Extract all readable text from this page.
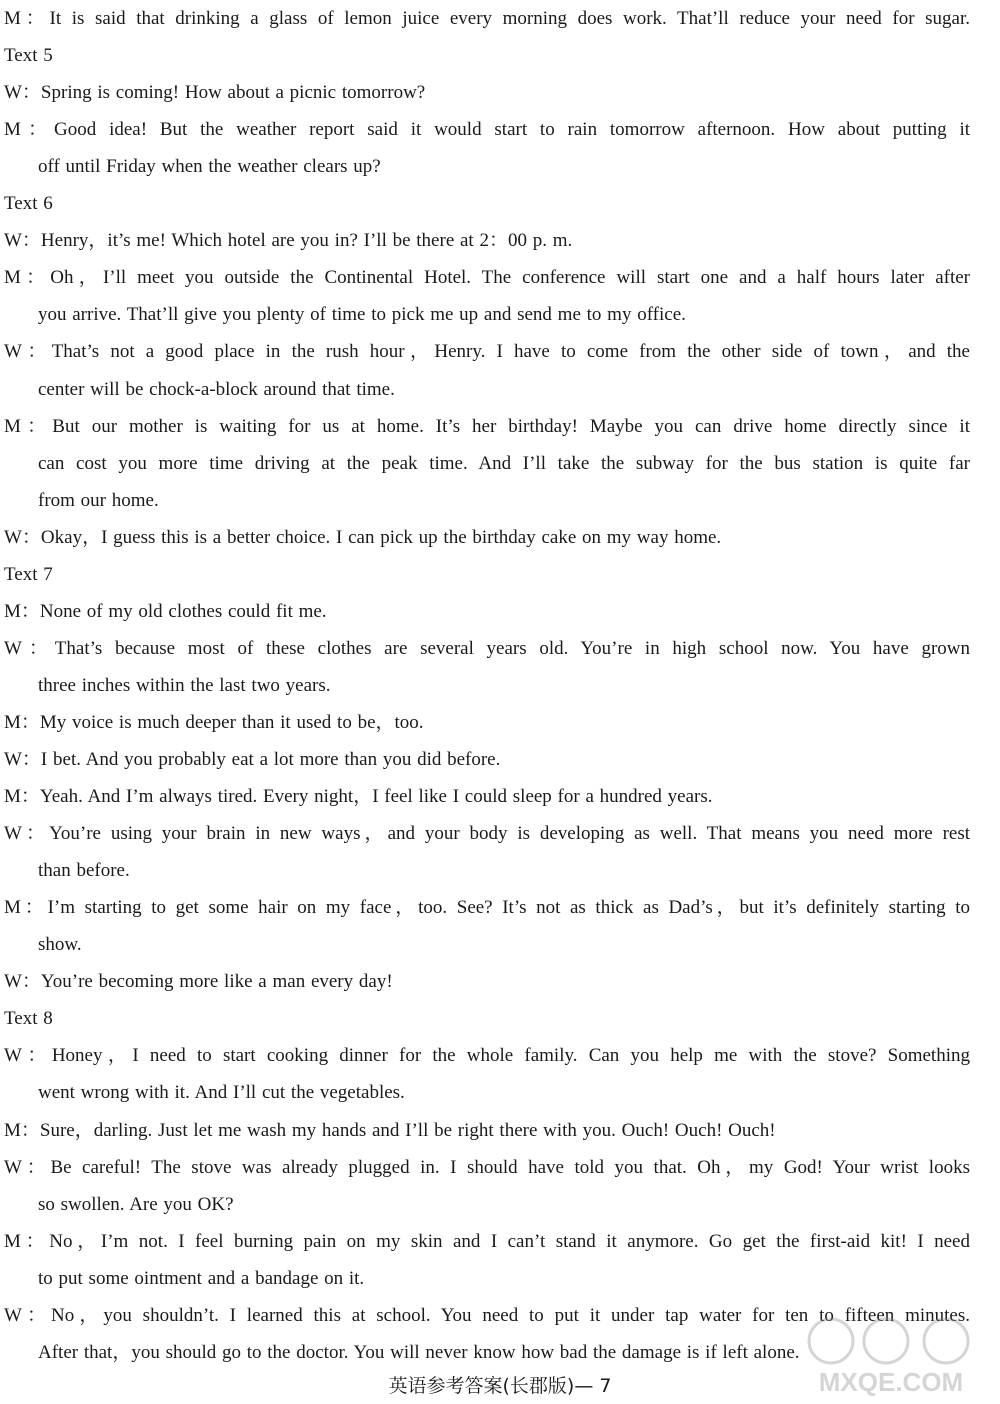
M：It is said that drinking a glass of lemon juice every morning does work. That’ll reduce your need for sugar.
Text 5
W：Spring is coming! How about a picnic tomorrow?
M：Good idea! But the weather report said it would start to rain tomorrow afternoon. How about putting it
off until Friday when the weather clears up?
Text 6
W：Henry，it’s me! Which hotel are you in? I’ll be there at 2：00 p. m.
M：Oh，I’ll meet you outside the Continental Hotel. The conference will start one and a half hours later after
you arrive. That’ll give you plenty of time to pick me up and send me to my office.
W：That’s not a good place in the rush hour，Henry. I have to come from the other side of town，and the
center will be chock-a-block around that time.
M：But our mother is waiting for us at home. It’s her birthday! Maybe you can drive home directly since it
can cost you more time driving at the peak time. And I’ll take the subway for the bus station is quite far
from our home.
W：Okay，I guess this is a better choice. I can pick up the birthday cake on my way home.
Text 7
M：None of my old clothes could fit me.
W：That’s because most of these clothes are several years old. You’re in high school now. You have grown
three inches within the last two years.
M：My voice is much deeper than it used to be，too.
W：I bet. And you probably eat a lot more than you did before.
M：Yeah. And I’m always tired. Every night，I feel like I could sleep for a hundred years.
W：You’re using your brain in new ways，and your body is developing as well. That means you need more rest
than before.
M：I’m starting to get some hair on my face，too. See? It’s not as thick as Dad’s，but it’s definitely starting to
show.
W：You’re becoming more like a man every day!
Text 8
W：Honey，I need to start cooking dinner for the whole family. Can you help me with the stove? Something
went wrong with it. And I’ll cut the vegetables.
M：Sure，darling. Just let me wash my hands and I’ll be right there with you. Ouch! Ouch! Ouch!
W：Be careful! The stove was already plugged in. I should have told you that. Oh，my God! Your wrist looks
so swollen. Are you OK?
M：No，I’m not. I feel burning pain on my skin and I can’t stand it anymore. Go get the first-aid kit! I need
to put some ointment and a bandage on it.
W：No，you shouldn’t. I learned this at school. You need to put it under tap water for ten to fifteen minutes.
After that，you should go to the doctor. You will never know how bad the damage is if left alone.
英语参考答案(长郡版)— 7	MXQE.COM
